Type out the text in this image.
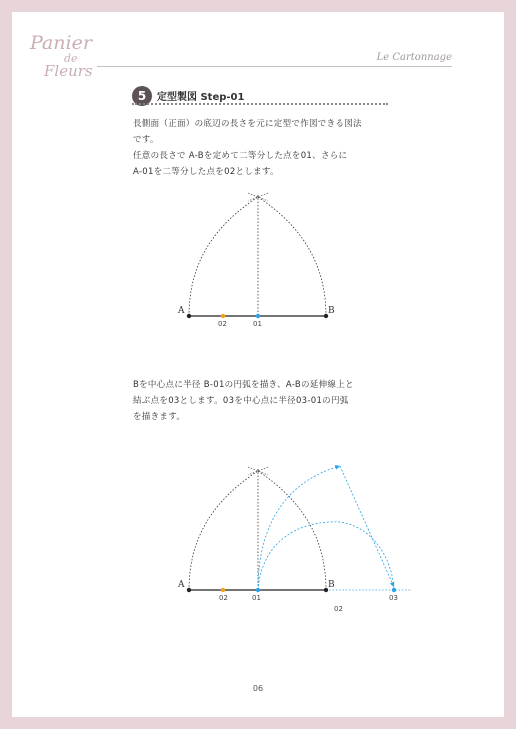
Panier
de
Fleurs
Le Cartonnage
5	定型製図 Step-01
長側面（正面）の底辺の長さを元に定型で作図できる図法
です。
任意の長さで A-Bを定めて二等分した点を01、さらに
A-01を二等分した点を02とします。
Bを中心点に半径 B-01の円弧を描き、A-Bの延伸線上と
結ぶ点を03とします。03を中心点に半径03-01の円弧
を描きます。
A	B
01
02
A	B
01
02	03
02
06
